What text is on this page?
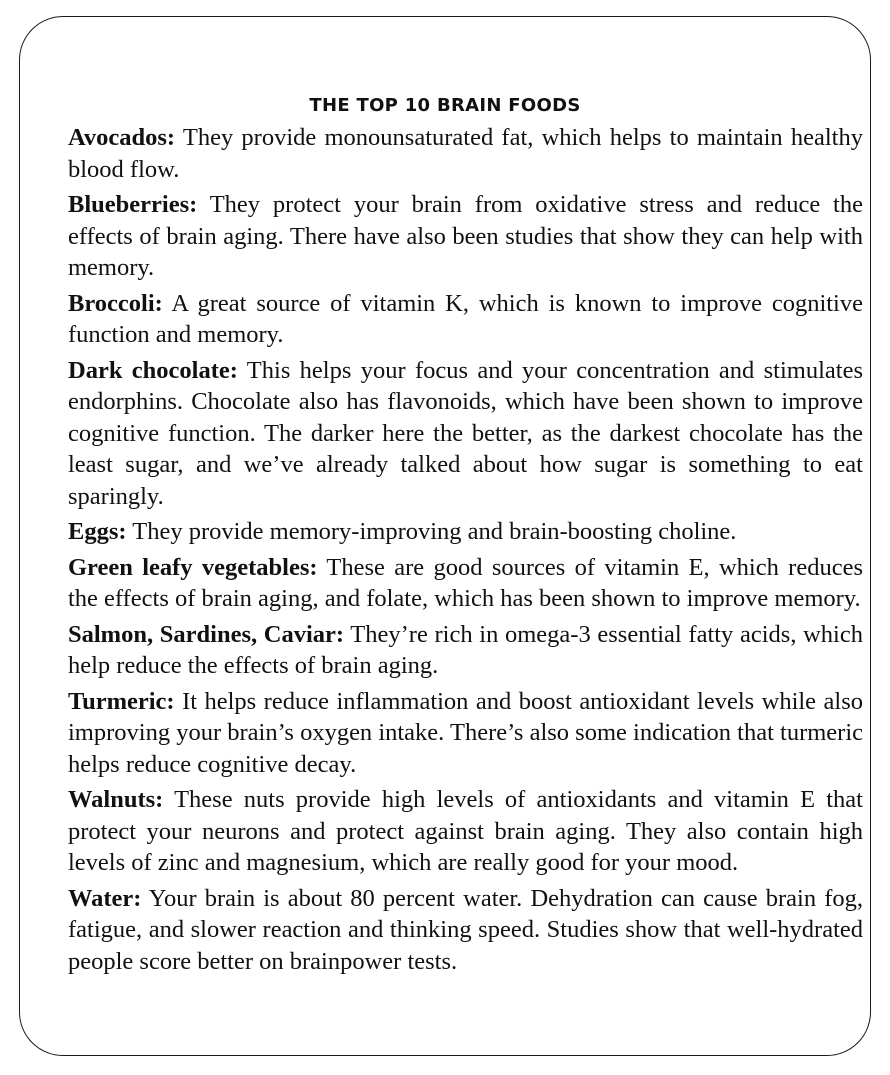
THE TOP 10 BRAIN FOODS

Avocados: They provide monounsaturated fat, which helps to maintain healthy blood flow.

Blueberries: They protect your brain from oxidative stress and reduce the effects of brain aging. There have also been studies that show they can help with memory.

Broccoli: A great source of vitamin K, which is known to improve cognitive function and memory.

Dark chocolate: This helps your focus and your concentration and stimulates endorphins. Chocolate also has flavonoids, which have been shown to improve cognitive function. The darker here the better, as the darkest chocolate has the least sugar, and we’ve already talked about how sugar is something to eat sparingly.

Eggs: They provide memory-improving and brain-boosting choline.

Green leafy vegetables: These are good sources of vitamin E, which reduces the effects of brain aging, and folate, which has been shown to improve memory.

Salmon, Sardines, Caviar: They’re rich in omega-3 essential fatty acids, which help reduce the effects of brain aging.

Turmeric: It helps reduce inflammation and boost antioxidant levels while also improving your brain’s oxygen intake. There’s also some indication that turmeric helps reduce cognitive decay.

Walnuts: These nuts provide high levels of antioxidants and vitamin E that protect your neurons and protect against brain aging. They also contain high levels of zinc and magnesium, which are really good for your mood.

Water: Your brain is about 80 percent water. Dehydration can cause brain fog, fatigue, and slower reaction and thinking speed. Studies show that well-hydrated people score better on brainpower tests.
